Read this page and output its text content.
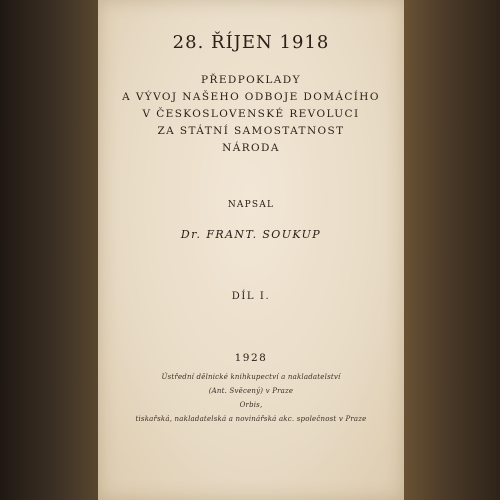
28. ŘÍJEN 1918
PŘEDPOKLADY
A VÝVOJ NAŠEHO ODBOJE DOMÁCÍHO
V ČESKOSLOVENSKÉ REVOLUCI
ZA STÁTNÍ SAMOSTATNOST
NÁRODA
NAPSAL
Dr. FRANT. SOUKUP
DÍL I.
1928
Ústřední dělnické knihkupectví a nakladatelství
(Ant. Svěcený) v Praze
Orbis,
tiskařská, nakladatelská a novinářská akc. společnost v Praze
